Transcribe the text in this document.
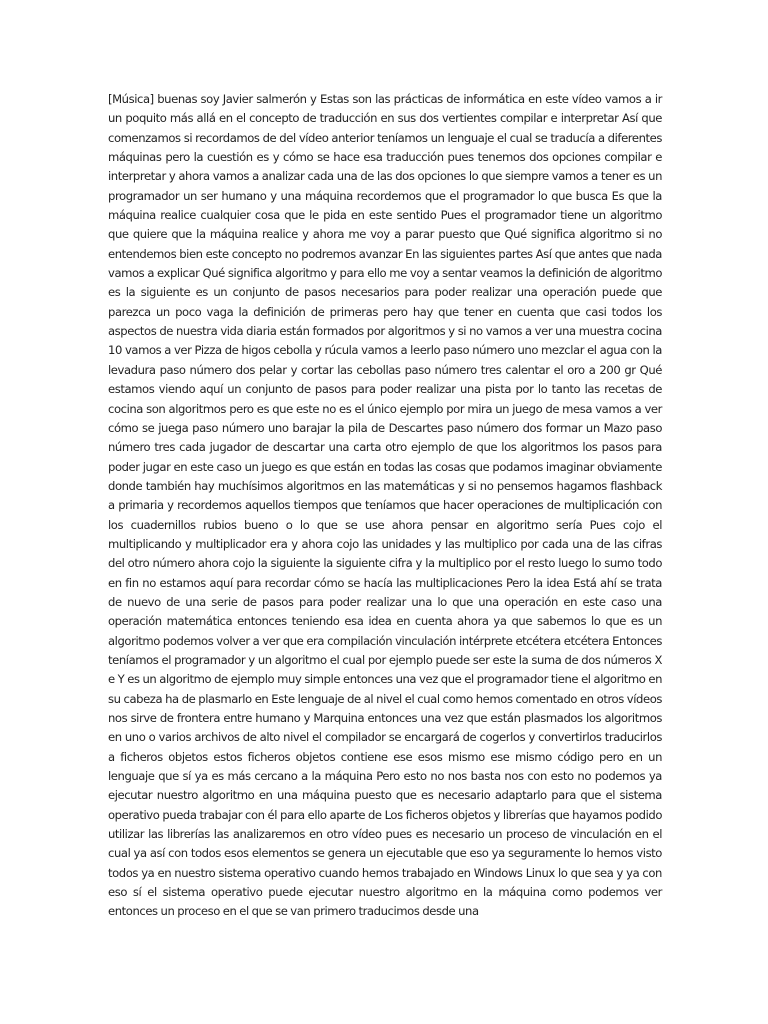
[Música] buenas soy Javier salmerón y Estas son las prácticas de informática en este vídeo vamos a ir un poquito más allá en el concepto de traducción en sus dos vertientes compilar e interpretar Así que comenzamos si recordamos de del vídeo anterior teníamos un lenguaje el cual se traducía a diferentes máquinas pero la cuestión es y cómo se hace esa traducción pues tenemos dos opciones compilar e interpretar y ahora vamos a analizar cada una de las dos opciones lo que siempre vamos a tener es un programador un ser humano y una máquina recordemos que el programador lo que busca Es que la máquina realice cualquier cosa que le pida en este sentido Pues el programador tiene un algoritmo que quiere que la máquina realice y ahora me voy a parar puesto que Qué significa algoritmo si no entendemos bien este concepto no podremos avanzar En las siguientes partes Así que antes que nada vamos a explicar Qué significa algoritmo y para ello me voy a sentar veamos la definición de algoritmo es la siguiente es un conjunto de pasos necesarios para poder realizar una operación puede que parezca un poco vaga la definición de primeras pero hay que tener en cuenta que casi todos los aspectos de nuestra vida diaria están formados por algoritmos y si no vamos a ver una muestra cocina 10 vamos a ver Pizza de higos cebolla y rúcula vamos a leerlo paso número uno mezclar el agua con la levadura paso número dos pelar y cortar las cebollas paso número tres calentar el oro a 200 gr Qué estamos viendo aquí un conjunto de pasos para poder realizar una pista por lo tanto las recetas de cocina son algoritmos pero es que este no es el único ejemplo por mira un juego de mesa vamos a ver cómo se juega paso número uno barajar la pila de Descartes paso número dos formar un Mazo paso número tres cada jugador de descartar una carta otro ejemplo de que los algoritmos los pasos para poder jugar en este caso un juego es que están en todas las cosas que podamos imaginar obviamente donde también hay muchísimos algoritmos en las matemáticas y si no pensemos hagamos flashback a primaria y recordemos aquellos tiempos que teníamos que hacer operaciones de multiplicación con los cuadernillos rubios bueno o lo que se use ahora pensar en algoritmo sería Pues cojo el multiplicando y multiplicador era y ahora cojo las unidades y las multiplico por cada una de las cifras del otro número ahora cojo la siguiente la siguiente cifra y la multiplico por el resto luego lo sumo todo en fin no estamos aquí para recordar cómo se hacía las multiplicaciones Pero la idea Está ahí se trata de nuevo de una serie de pasos para poder realizar una lo que una operación en este caso una operación matemática entonces teniendo esa idea en cuenta ahora ya que sabemos lo que es un algoritmo podemos volver a ver que era compilación vinculación intérprete etcétera etcétera Entonces teníamos el programador y un algoritmo el cual por ejemplo puede ser este la suma de dos números X e Y es un algoritmo de ejemplo muy simple entonces una vez que el programador tiene el algoritmo en su cabeza ha de plasmarlo en Este lenguaje de al nivel el cual como hemos comentado en otros vídeos nos sirve de frontera entre humano y Marquina entonces una vez que están plasmados los algoritmos en uno o varios archivos de alto nivel el compilador se encargará de cogerlos y convertirlos traducirlos a ficheros objetos estos ficheros objetos contiene ese esos mismo ese mismo código pero en un lenguaje que sí ya es más cercano a la máquina Pero esto no nos basta nos con esto no podemos ya ejecutar nuestro algoritmo en una máquina puesto que es necesario adaptarlo para que el sistema operativo pueda trabajar con él para ello aparte de Los ficheros objetos y librerías que hayamos podido utilizar las librerías las analizaremos en otro vídeo pues es necesario un proceso de vinculación en el cual ya así con todos esos elementos se genera un ejecutable que eso ya seguramente lo hemos visto todos ya en nuestro sistema operativo cuando hemos trabajado en Windows Linux lo que sea y ya con eso sí el sistema operativo puede ejecutar nuestro algoritmo en la máquina como podemos ver entonces un proceso en el que se van primero traducimos desde una
